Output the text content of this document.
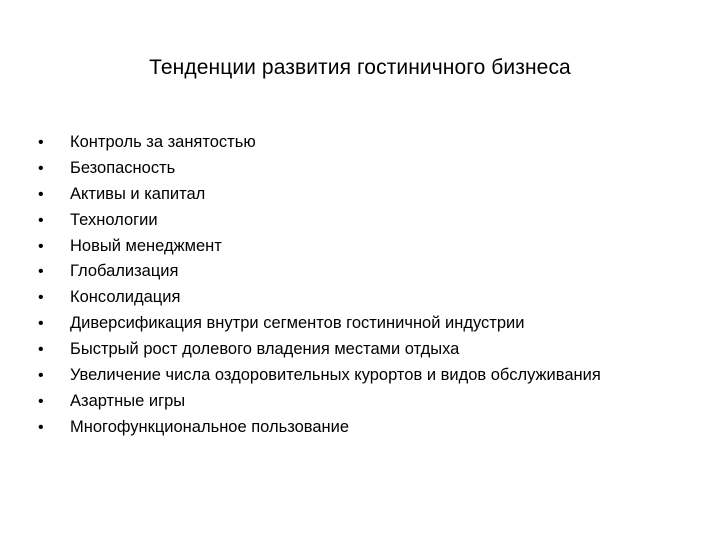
Тенденции развития гостиничного бизнеса
•	Контроль за занятостью
•	Безопасность
•	Активы и капитал
•	Технологии
•	Новый менеджмент
•	Глобализация
•	Консолидация
•	Диверсификация внутри сегментов гостиничной индустрии
•	Быстрый рост долевого владения местами отдыха
•	Увеличение числа оздоровительных курортов и видов обслуживания
•	Азартные игры
•	Многофункциональное пользование
